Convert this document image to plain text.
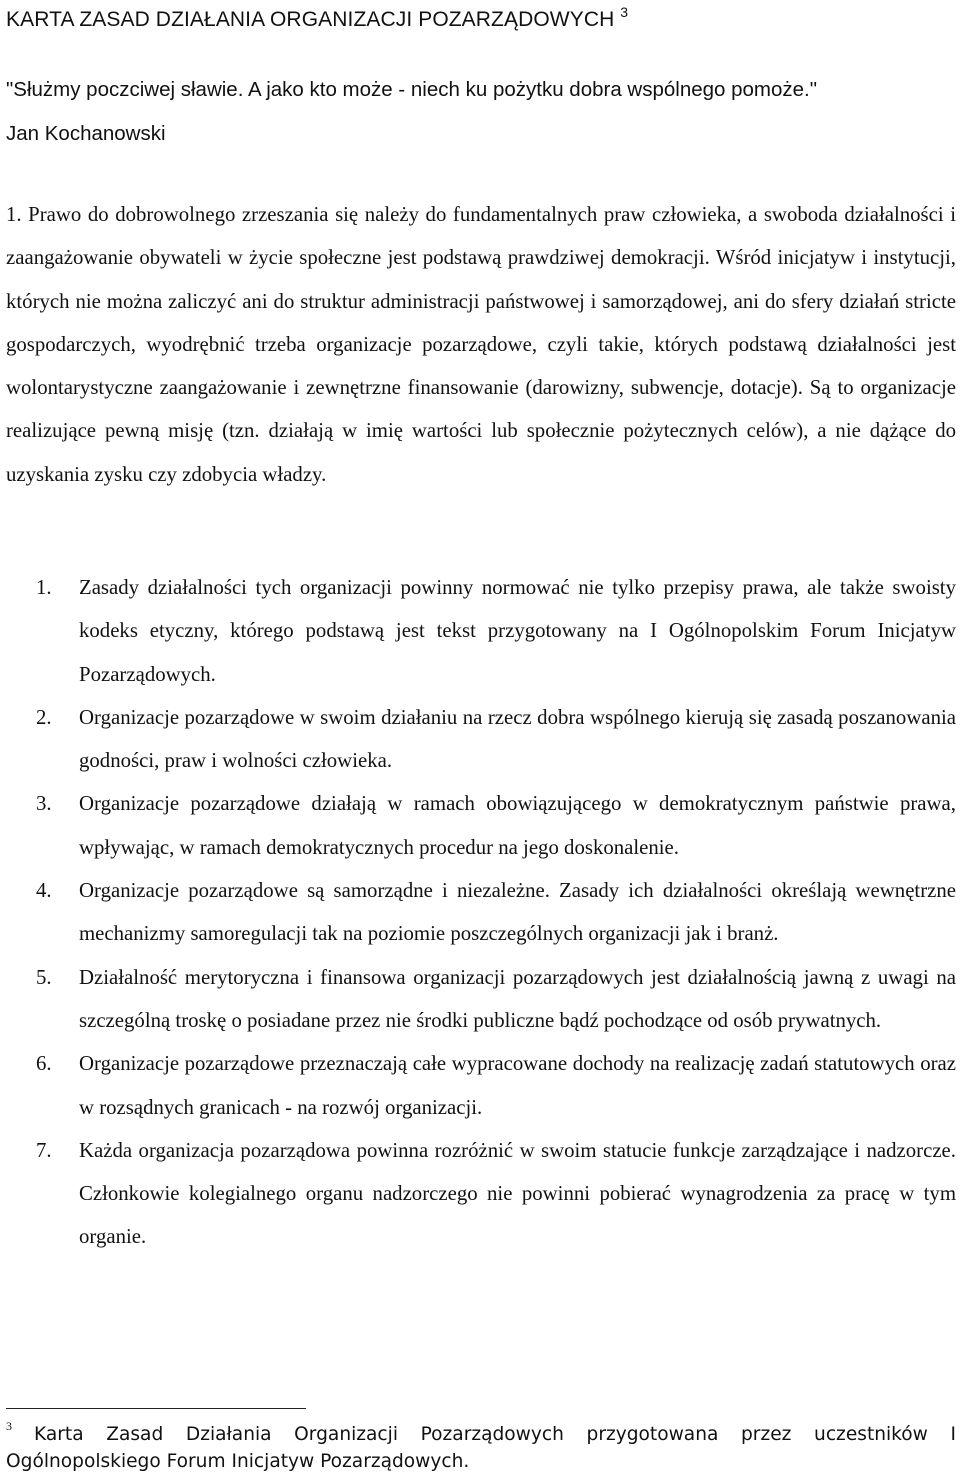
KARTA ZASAD DZIAŁANIA ORGANIZACJI POZARZĄDOWYCH $^3$
"Służmy poczciwej sławie. A jako kto może - niech ku pożytku dobra wspólnego pomoże."
Jan Kochanowski

1. Prawo do dobrowolnego zrzeszania się należy do fundamentalnych praw człowieka, a swoboda działalności i zaangażowanie obywateli w życie społeczne jest podstawą prawdziwej demokracji. Wśród inicjatyw i instytucji, których nie można zaliczyć ani do struktur administracji państwowej i samorządowej, ani do sfery działań stricte gospodarczych, wyodrębnić trzeba organizacje pozarządowe, czyli takie, których podstawą działalności jest wolontarystyczne zaangażowanie i zewnętrzne finansowanie (darowizny, subwencje, dotacje). Są to organizacje realizujące pewną misję (tzn. działają w imię wartości lub społecznie pożytecznych celów), a nie dążące do uzyskania zysku czy zdobycia władzy.

1. Zasady działalności tych organizacji powinny normować nie tylko przepisy prawa, ale także swoisty kodeks etyczny, którego podstawą jest tekst przygotowany na I Ogólnopolskim Forum Inicjatyw Pozarządowych.
2. Organizacje pozarządowe w swoim działaniu na rzecz dobra wspólnego kierują się zasadą poszanowania godności, praw i wolności człowieka.
3. Organizacje pozarządowe działają w ramach obowiązującego w demokratycznym państwie prawa, wpływając, w ramach demokratycznych procedur na jego doskonalenie.
4. Organizacje pozarządowe są samorządne i niezależne. Zasady ich działalności określają wewnętrzne mechanizmy samoregulacji tak na poziomie poszczególnych organizacji jak i branż.
5. Działalność merytoryczna i finansowa organizacji pozarządowych jest działalnością jawną z uwagi na szczególną troskę o posiadane przez nie środki publiczne bądź pochodzące od osób prywatnych.
6. Organizacje pozarządowe przeznaczają całe wypracowane dochody na realizację zadań statutowych oraz w rozsądnych granicach - na rozwój organizacji.
7. Każda organizacja pozarządowa powinna rozróżnić w swoim statucie funkcje zarządzające i nadzorcze. Członkowie kolegialnego organu nadzorczego nie powinni pobierać wynagrodzenia za pracę w tym organie.

3	Karta Zasad Działania Organizacji Pozarządowych przygotowana przez uczestników I Ogólnopolskiego Forum Inicjatyw Pozarządowych.
